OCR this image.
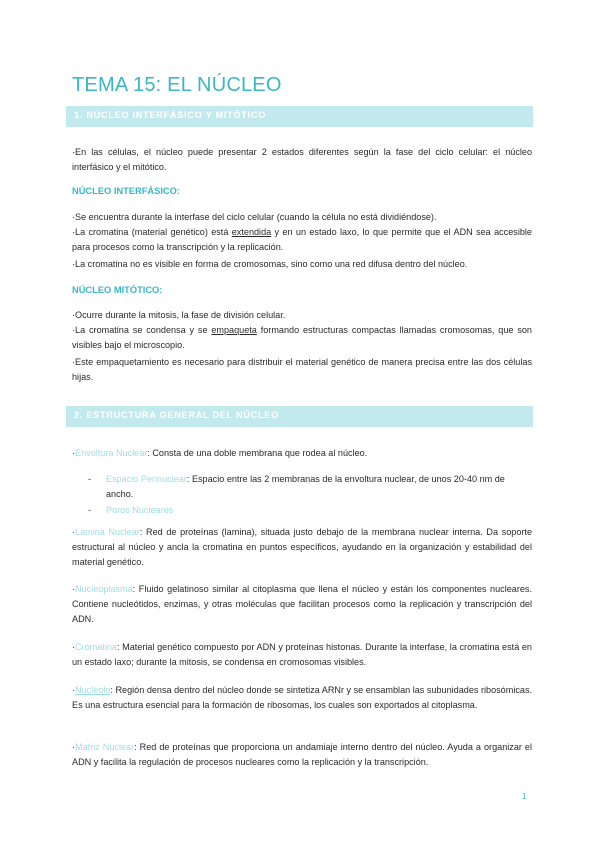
TEMA 15: EL NÚCLEO
1. NÚCLEO INTERFÁSICO Y MITÓTICO
·En las células, el núcleo puede presentar 2 estados diferentes según la fase del ciclo celular: el núcleo interfásico y el mitótico.
NÚCLEO INTERFÁSICO:
·Se encuentra durante la interfase del ciclo celular (cuando la célula no está dividiéndose).
·La cromatina (material genético) está extendida y en un estado laxo, lo que permite que el ADN sea accesible para procesos como la transcripción y la replicación.
·La cromatina no es visible en forma de cromosomas, sino como una red difusa dentro del núcleo.
NÚCLEO MITÓTICO:
·Ocurre durante la mitosis, la fase de división celular.
·La cromatina se condensa y se empaqueta formando estructuras compactas llamadas cromosomas, que son visibles bajo el microscopio.
·Este empaquetamiento es necesario para distribuir el material genético de manera precisa entre las dos células hijas.
2. ESTRUCTURA GENERAL DEL NÚCLEO
·Envoltura Nuclear: Consta de una doble membrana que rodea al núcleo.
- Espacio Perinuclear: Espacio entre las 2 membranas de la envoltura nuclear, de unos 20-40 nm de ancho.
- Poros Nucleares
·Lámina Nuclear: Red de proteínas (lamina), situada justo debajo de la membrana nuclear interna. Da soporte estructural al núcleo y ancla la cromatina en puntos específicos, ayudando en la organización y estabilidad del material genético.
·Nucleoplasma: Fluido gelatinoso similar al citoplasma que llena el núcleo y están los componentes nucleares. Contiene nucleótidos, enzimas, y otras moléculas que facilitan procesos como la replicación y transcripción del ADN.
·Cromatina: Material genético compuesto por ADN y proteínas histonas. Durante la interfase, la cromatina está en un estado laxo; durante la mitosis, se condensa en cromosomas visibles.
·Nucléolo: Región densa dentro del núcleo donde se sintetiza ARNr y se ensamblan las subunidades ribosómicas. Es una estructura esencial para la formación de ribosomas, los cuales son exportados al citoplasma.
·Matriz Nuclear: Red de proteínas que proporciona un andamiaje interno dentro del núcleo. Ayuda a organizar el ADN y facilita la regulación de procesos nucleares como la replicación y la transcripción.
1
